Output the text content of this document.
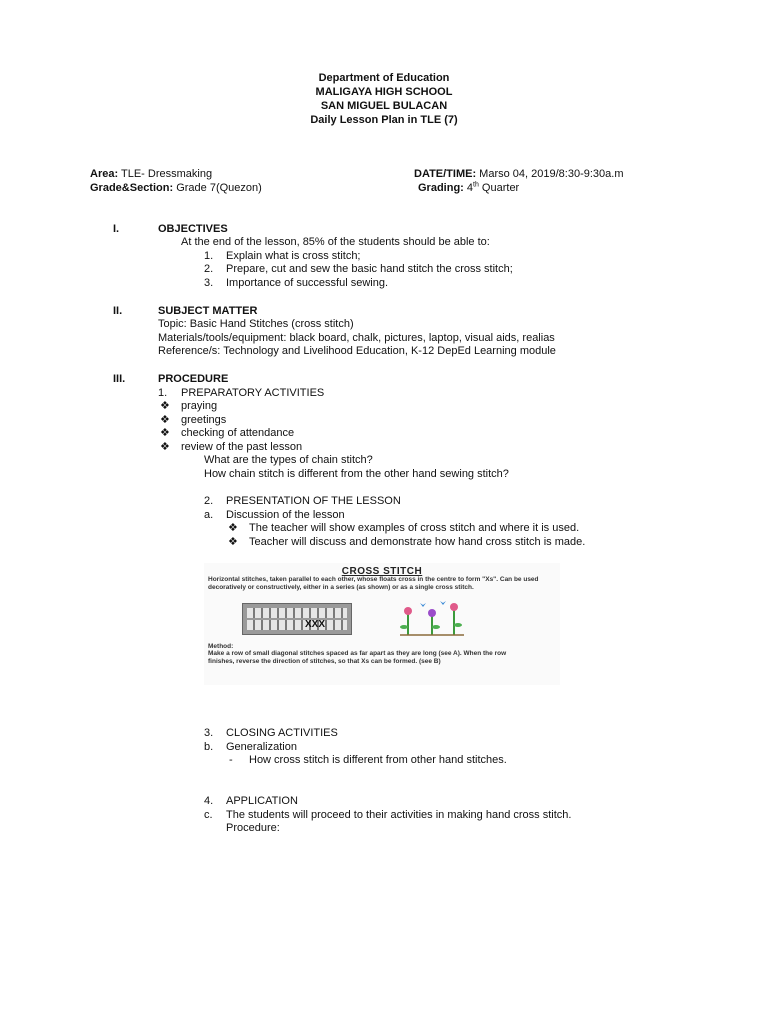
Department of Education
MALIGAYA HIGH SCHOOL
SAN MIGUEL BULACAN
Daily Lesson Plan in TLE (7)
Area: TLE- Dressmaking
Grade&Section: Grade 7(Quezon)
DATE/TIME: Marso 04, 2019/8:30-9:30a.m
Grading: 4th Quarter
I.	OBJECTIVES
At the end of the lesson, 85% of the students should be able to:
1. Explain what is cross stitch;
2. Prepare, cut and sew the basic hand stitch the cross stitch;
3. Importance of successful sewing.
II.	SUBJECT MATTER
Topic: Basic Hand Stitches (cross stitch)
Materials/tools/equipment: black board, chalk, pictures, laptop, visual aids, realias
Reference/s: Technology and Livelihood Education, K-12 DepEd Learning module
III.	PROCEDURE
1. PREPARATORY ACTIVITIES
❖ praying
❖ greetings
❖ checking of attendance
❖ review of the past lesson
What are the types of chain stitch?
How chain stitch is different from the other hand sewing stitch?
2. PRESENTATION OF THE LESSON
a. Discussion of the lesson
❖ The teacher will show examples of cross stitch and where it is used.
❖ Teacher will discuss and demonstrate how hand cross stitch is made.
CROSS STITCH
Horizontal stitches, taken parallel to each other, whose floats cross in the centre to form "Xs". Can be used decoratively or constructively, either in a series (as shown) or as a single cross stitch.
XXX
Method:
Make a row of small diagonal stitches spaced as far apart as they are long (see A). When the row finishes, reverse the direction of stitches, so that Xs can be formed. (see B)
3. CLOSING ACTIVITIES
b. Generalization
- How cross stitch is different from other hand stitches.
4. APPLICATION
c. The students will proceed to their activities in making hand cross stitch.
Procedure:
